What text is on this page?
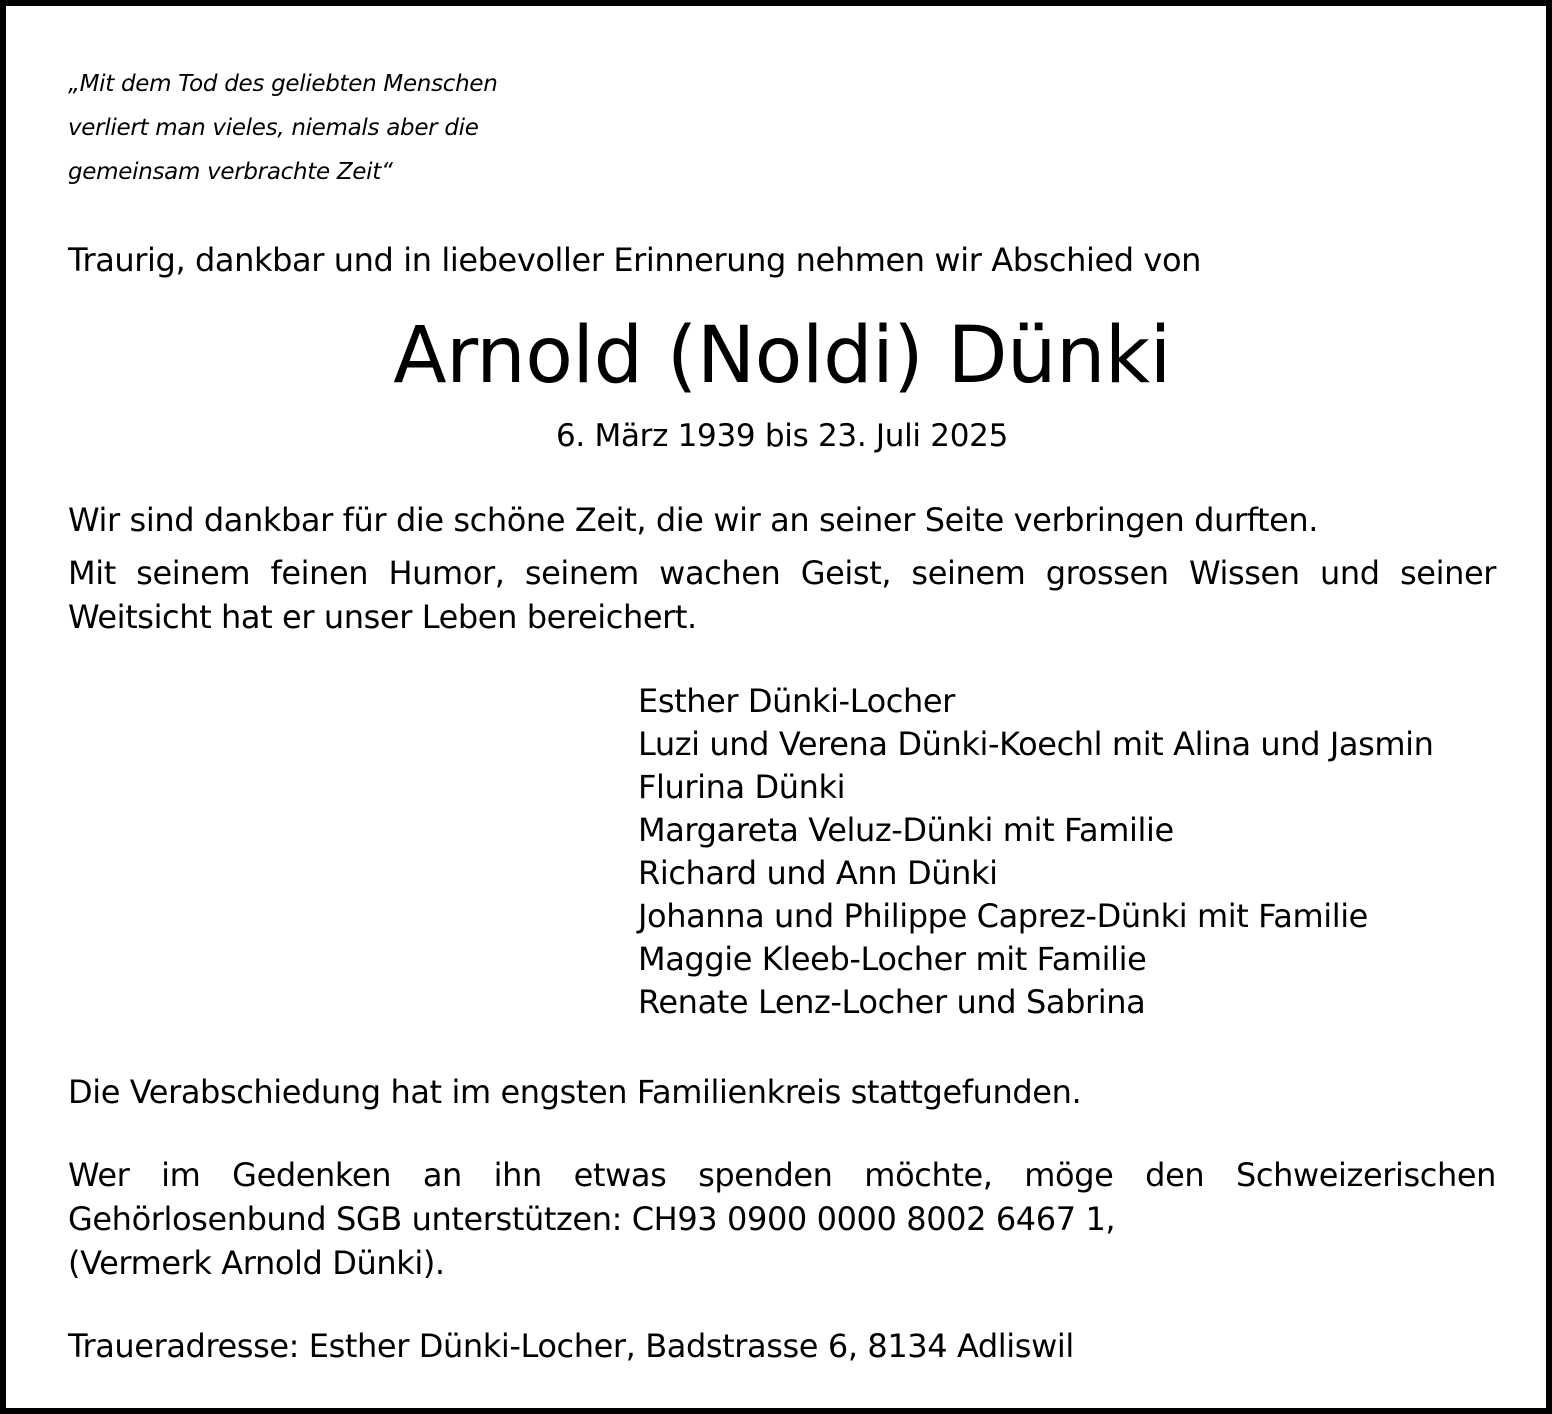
„Mit dem Tod des geliebten Menschen
verliert man vieles, niemals aber die
gemeinsam verbrachte Zeit“

Traurig, dankbar und in liebevoller Erinnerung nehmen wir Abschied von

Arnold (Noldi) Dünki

6. März 1939 bis 23. Juli 2025

Wir sind dankbar für die schöne Zeit, die wir an seiner Seite verbringen durften.

Mit seinem feinen Humor, seinem wachen Geist, seinem grossen Wissen und seiner Weitsicht hat er unser Leben bereichert.

Esther Dünki-Locher
Luzi und Verena Dünki-Koechl mit Alina und Jasmin
Flurina Dünki
Margareta Veluz-Dünki mit Familie
Richard und Ann Dünki
Johanna und Philippe Caprez-Dünki mit Familie
Maggie Kleeb-Locher mit Familie
Renate Lenz-Locher und Sabrina

Die Verabschiedung hat im engsten Familienkreis stattgefunden.

Wer im Gedenken an ihn etwas spenden möchte, möge den Schweizerischen
Gehörlosenbund SGB unterstützen: CH93 0900 0000 8002 6467 1,
(Vermerk Arnold Dünki).

Traueradresse: Esther Dünki-Locher, Badstrasse 6, 8134 Adliswil
